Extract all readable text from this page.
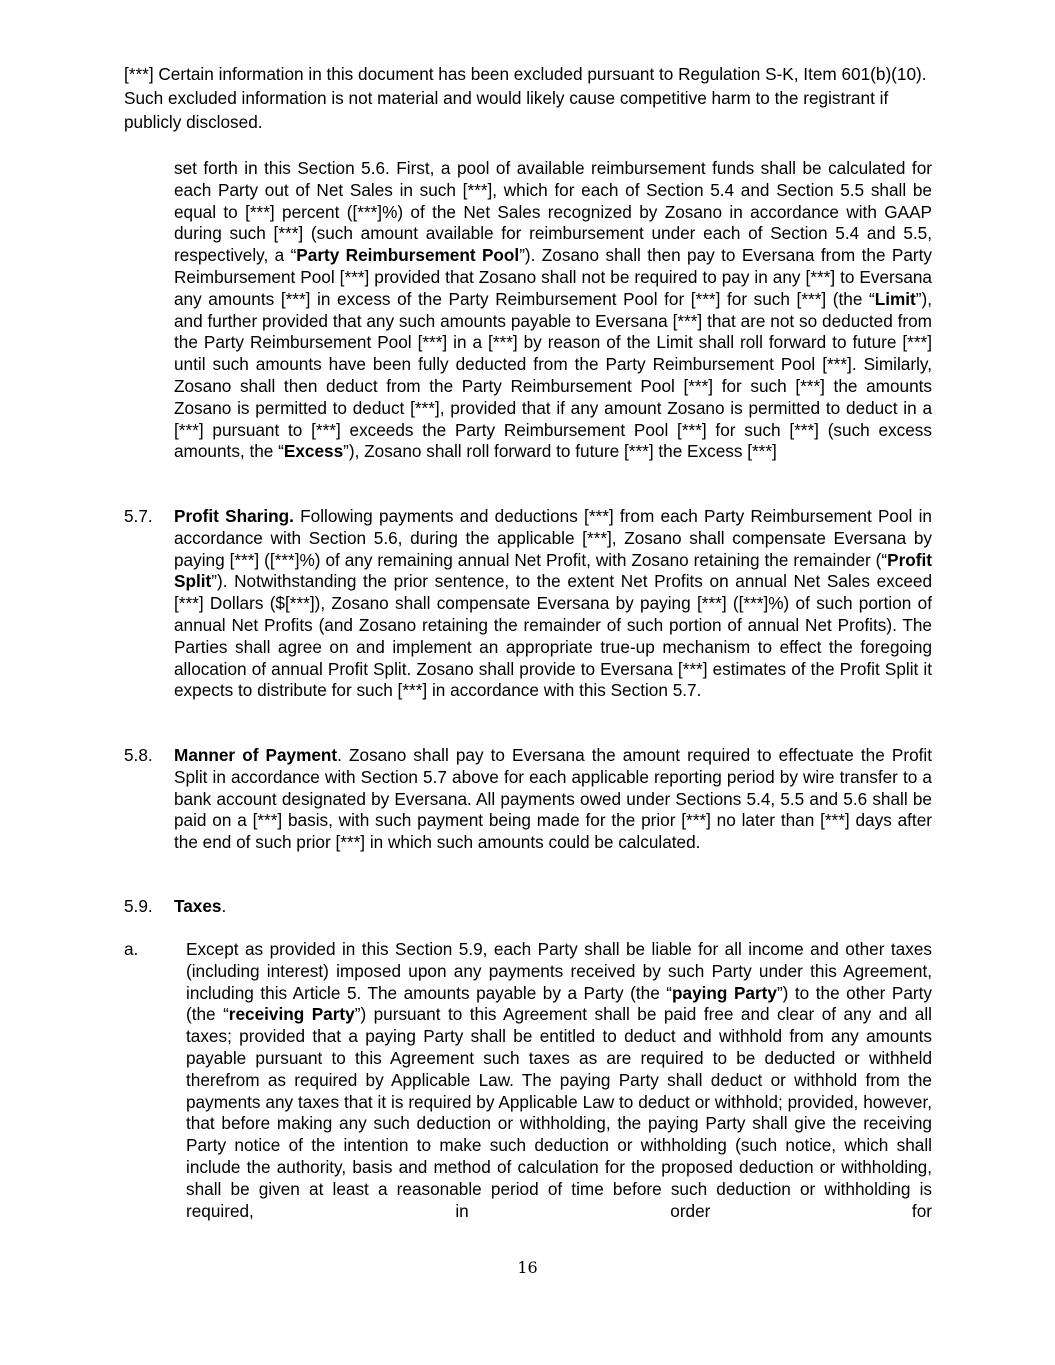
[***] Certain information in this document has been excluded pursuant to Regulation S-K, Item 601(b)(10). Such excluded information is not material and would likely cause competitive harm to the registrant if publicly disclosed.
set forth in this Section 5.6. First, a pool of available reimbursement funds shall be calculated for each Party out of Net Sales in such [***], which for each of Section 5.4 and Section 5.5 shall be equal to [***] percent ([***]%) of the Net Sales recognized by Zosano in accordance with GAAP during such [***] (such amount available for reimbursement under each of Section 5.4 and 5.5, respectively, a “Party Reimbursement Pool”). Zosano shall then pay to Eversana from the Party Reimbursement Pool [***] provided that Zosano shall not be required to pay in any [***] to Eversana any amounts [***] in excess of the Party Reimbursement Pool for [***] for such [***] (the “Limit”), and further provided that any such amounts payable to Eversana [***] that are not so deducted from the Party Reimbursement Pool [***] in a [***] by reason of the Limit shall roll forward to future [***] until such amounts have been fully deducted from the Party Reimbursement Pool [***]. Similarly, Zosano shall then deduct from the Party Reimbursement Pool [***] for such [***] the amounts Zosano is permitted to deduct [***], provided that if any amount Zosano is permitted to deduct in a [***] pursuant to [***] exceeds the Party Reimbursement Pool [***] for such [***] (such excess amounts, the “Excess”), Zosano shall roll forward to future [***] the Excess [***]
5.7. Profit Sharing. Following payments and deductions [***] from each Party Reimbursement Pool in accordance with Section 5.6, during the applicable [***], Zosano shall compensate Eversana by paying [***] ([***]%) of any remaining annual Net Profit, with Zosano retaining the remainder (“Profit Split”). Notwithstanding the prior sentence, to the extent Net Profits on annual Net Sales exceed [***] Dollars ($[***]), Zosano shall compensate Eversana by paying [***] ([***]%) of such portion of annual Net Profits (and Zosano retaining the remainder of such portion of annual Net Profits). The Parties shall agree on and implement an appropriate true-up mechanism to effect the foregoing allocation of annual Profit Split. Zosano shall provide to Eversana [***] estimates of the Profit Split it expects to distribute for such [***] in accordance with this Section 5.7.
5.8. Manner of Payment. Zosano shall pay to Eversana the amount required to effectuate the Profit Split in accordance with Section 5.7 above for each applicable reporting period by wire transfer to a bank account designated by Eversana. All payments owed under Sections 5.4, 5.5 and 5.6 shall be paid on a [***] basis, with such payment being made for the prior [***] no later than [***] days after the end of such prior [***] in which such amounts could be calculated.
5.9. Taxes.
a.	Except as provided in this Section 5.9, each Party shall be liable for all income and other taxes (including interest) imposed upon any payments received by such Party under this Agreement, including this Article 5. The amounts payable by a Party (the “paying Party”) to the other Party (the “receiving Party”) pursuant to this Agreement shall be paid free and clear of any and all taxes; provided that a paying Party shall be entitled to deduct and withhold from any amounts payable pursuant to this Agreement such taxes as are required to be deducted or withheld therefrom as required by Applicable Law. The paying Party shall deduct or withhold from the payments any taxes that it is required by Applicable Law to deduct or withhold; provided, however, that before making any such deduction or withholding, the paying Party shall give the receiving Party notice of the intention to make such deduction or withholding (such notice, which shall include the authority, basis and method of calculation for the proposed deduction or withholding, shall be given at least a reasonable period of time before such deduction or withholding is required, in order for
16
